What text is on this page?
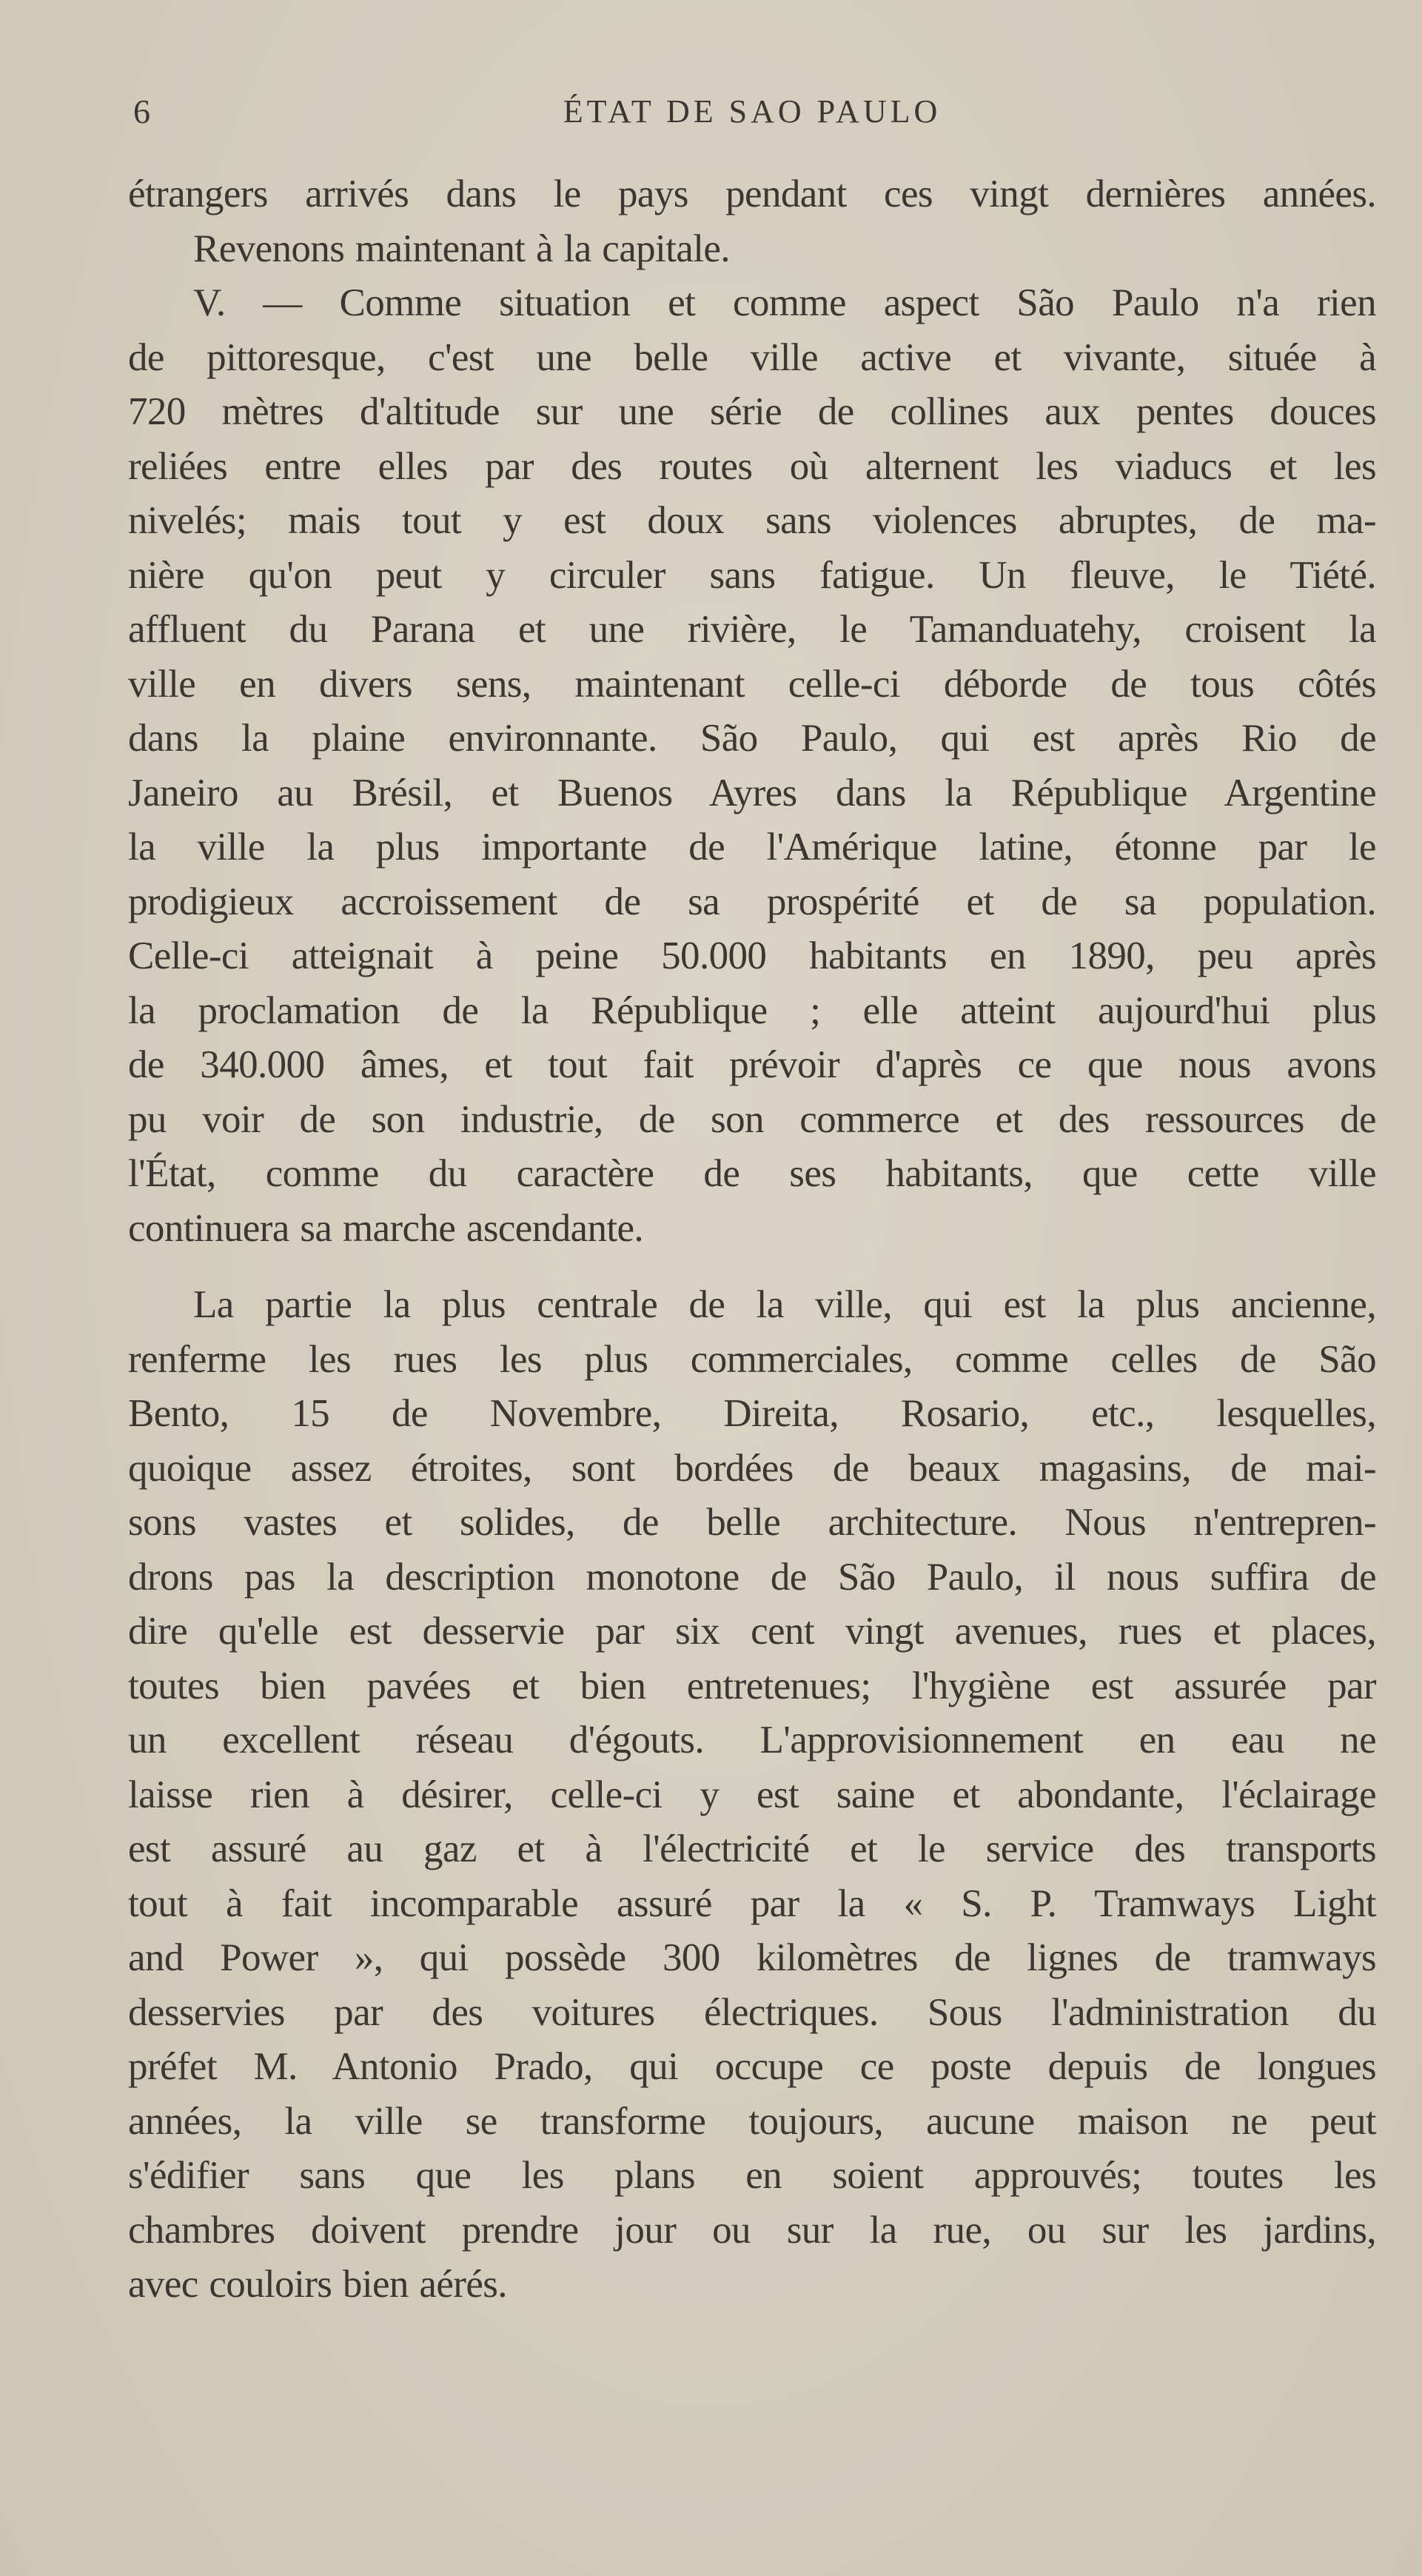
6	ÉTAT DE SAO PAULO
étrangers arrivés dans le pays pendant ces vingt dernières années.
Revenons maintenant à la capitale.
V. — Comme situation et comme aspect São Paulo n'a rien
de pittoresque, c'est une belle ville active et vivante, située à
720 mètres d'altitude sur une série de collines aux pentes douces
reliées entre elles par des routes où alternent les viaducs et les
nivelés; mais tout y est doux sans violences abruptes, de ma-
nière qu'on peut y circuler sans fatigue. Un fleuve, le Tiété.
affluent du Parana et une rivière, le Tamanduatehy, croisent la
ville en divers sens, maintenant celle-ci déborde de tous côtés
dans la plaine environnante. São Paulo, qui est après Rio de
Janeiro au Brésil, et Buenos Ayres dans la République Argentine
la ville la plus importante de l'Amérique latine, étonne par le
prodigieux accroissement de sa prospérité et de sa population.
Celle-ci atteignait à peine 50.000 habitants en 1890, peu après
la proclamation de la République ; elle atteint aujourd'hui plus
de 340.000 âmes, et tout fait prévoir d'après ce que nous avons
pu voir de son industrie, de son commerce et des ressources de
l'État, comme du caractère de ses habitants, que cette ville
continuera sa marche ascendante.
La partie la plus centrale de la ville, qui est la plus ancienne,
renferme les rues les plus commerciales, comme celles de São
Bento, 15 de Novembre, Direita, Rosario, etc., lesquelles,
quoique assez étroites, sont bordées de beaux magasins, de mai-
sons vastes et solides, de belle architecture. Nous n'entrepren-
drons pas la description monotone de São Paulo, il nous suffira de
dire qu'elle est desservie par six cent vingt avenues, rues et places,
toutes bien pavées et bien entretenues; l'hygiène est assurée par
un excellent réseau d'égouts. L'approvisionnement en eau ne
laisse rien à désirer, celle-ci y est saine et abondante, l'éclairage
est assuré au gaz et à l'électricité et le service des transports
tout à fait incomparable assuré par la « S. P. Tramways Light
and Power », qui possède 300 kilomètres de lignes de tramways
desservies par des voitures électriques. Sous l'administration du
préfet M. Antonio Prado, qui occupe ce poste depuis de longues
années, la ville se transforme toujours, aucune maison ne peut
s'édifier sans que les plans en soient approuvés; toutes les
chambres doivent prendre jour ou sur la rue, ou sur les jardins,
avec couloirs bien aérés.
